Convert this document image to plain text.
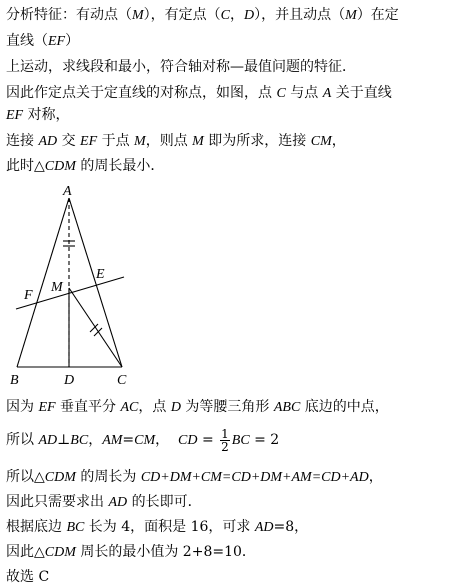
分析特征：有动点（M），有定点（C，D），并且动点（M）在定
直线（EF）
上运动，求线段和最小，符合轴对称—最值问题的特征．
因此作定点关于定直线的对称点，如图，点 C 与点 A 关于直线
EF 对称，
连接 AD 交 EF 于点 M，则点 M 即为所求，连接 CM，
此时△CDM 的周长最小．
A
E
F
M
B	D	C
因为 EF 垂直平分 AC，点 D 为等腰三角形 ABC 底边的中点，
所以 AD⊥BC，AM=CM，  CD = $\frac{1}{2}$ BC = 2
所以△CDM 的周长为 CD+DM+CM=CD+DM+AM=CD+AD，
因此只需要求出 AD 的长即可．
根据底边 BC 长为 4，面积是 16，可求 AD=8，
因此△CDM 周长的最小值为 2+8=10．
故选 C
